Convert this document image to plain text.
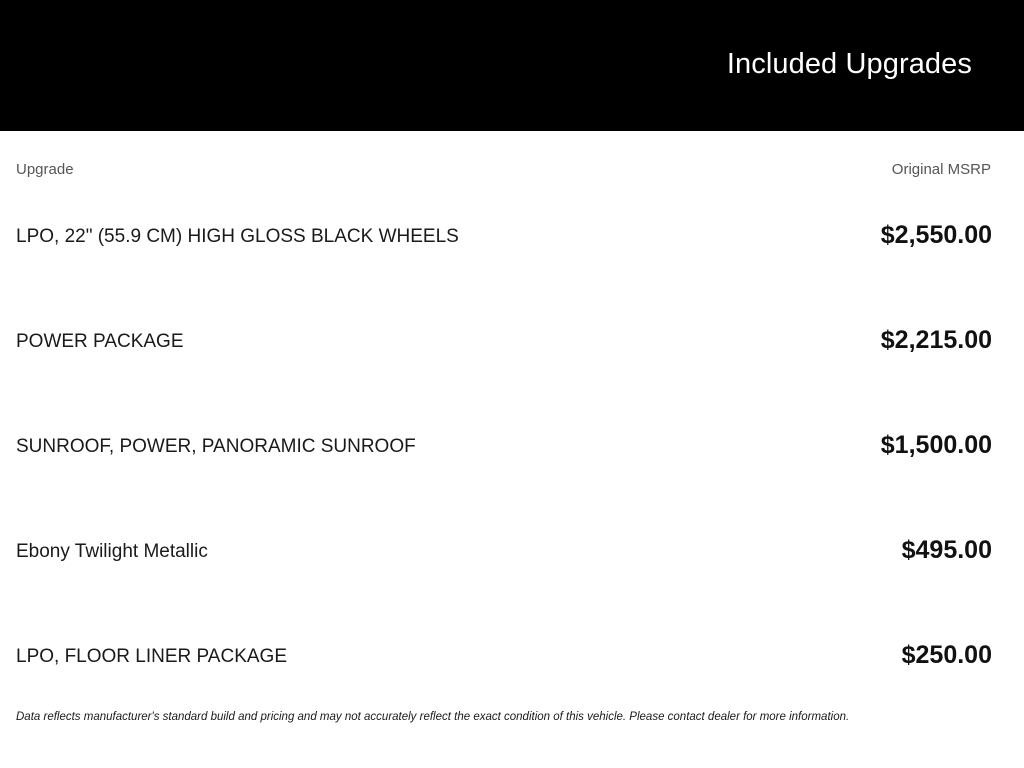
Included Upgrades
Upgrade	Original MSRP
LPO, 22" (55.9 CM) HIGH GLOSS BLACK WHEELS	$2,550.00
POWER PACKAGE	$2,215.00
SUNROOF, POWER, PANORAMIC SUNROOF	$1,500.00
Ebony Twilight Metallic	$495.00
LPO, FLOOR LINER PACKAGE	$250.00
Data reflects manufacturer's standard build and pricing and may not accurately reflect the exact condition of this vehicle. Please contact dealer for more information.
